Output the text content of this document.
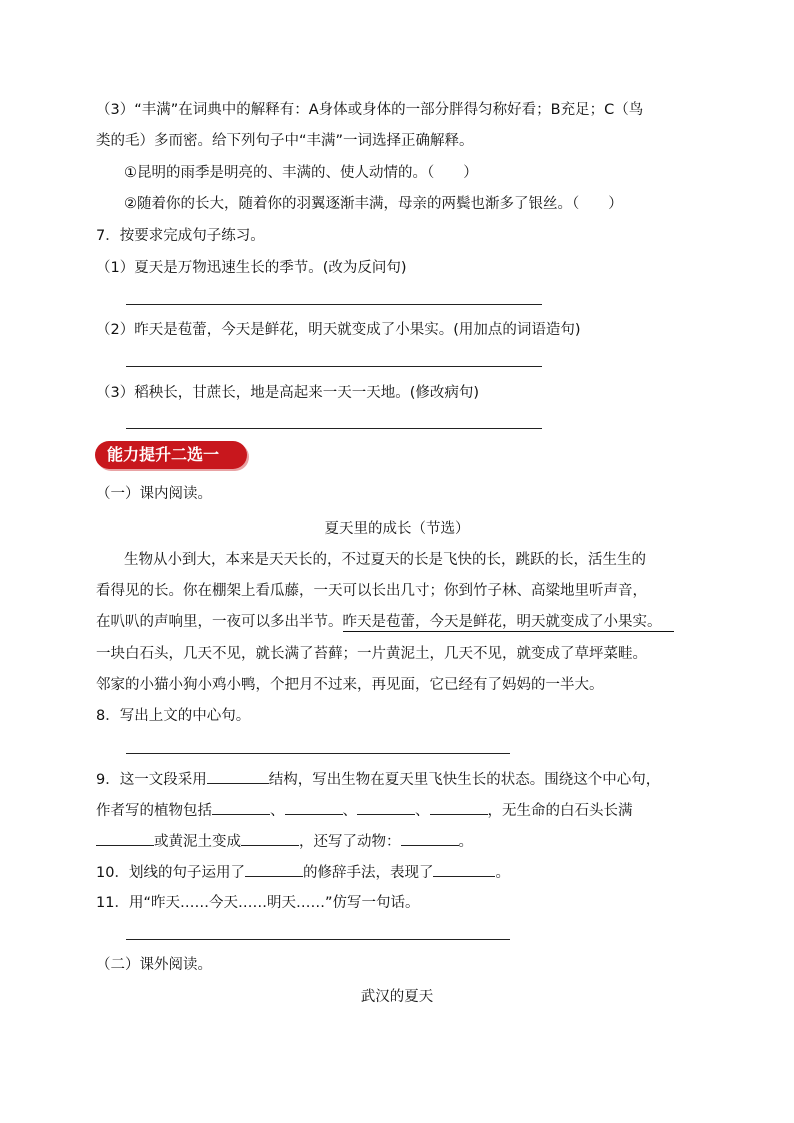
（3）“丰满”在词典中的解释有：A身体或身体的一部分胖得匀称好看；B充足；C（鸟
类的毛）多而密。给下列句子中“丰满”一词选择正确解释。
①昆明的雨季是明亮的、丰满的、使人动情的。（　　）
②随着你的长大，随着你的羽翼逐渐丰满，母亲的两鬓也渐多了银丝。（　　）
7．按要求完成句子练习。
（1）夏天是万物迅速生长的季节。(改为反问句)
（2）昨天是苞蕾，今天是鲜花，明天就变成了小果实。(用加点的词语造句)
（3）稻秧长，甘蔗长，地是高起来一天一天地。(修改病句)
能力提升二选一
（一）课内阅读。
夏天里的成长（节选）
生物从小到大，本来是天天长的，不过夏天的长是飞快的长，跳跃的长，活生生的
看得见的长。你在棚架上看瓜藤，一天可以长出几寸；你到竹子林、高粱地里听声音，
在叭叭的声响里，一夜可以多出半节。昨天是苞蕾，今天是鲜花，明天就变成了小果实。
一块白石头，几天不见，就长满了苔藓；一片黄泥土，几天不见，就变成了草坪菜畦。
邻家的小猫小狗小鸡小鸭，个把月不过来，再见面，它已经有了妈妈的一半大。
8．写出上文的中心句。
9．这一文段采用	结构，写出生物在夏天里飞快生长的状态。围绕这个中心句，
作者写的植物包括	、	、	、	，无生命的白石头长满
或黄泥土变成	，还写了动物：	。
10．划线的句子运用了	的修辞手法，表现了	。
11．用“昨天……今天……明天……”仿写一句话。
（二）课外阅读。
武汉的夏天
